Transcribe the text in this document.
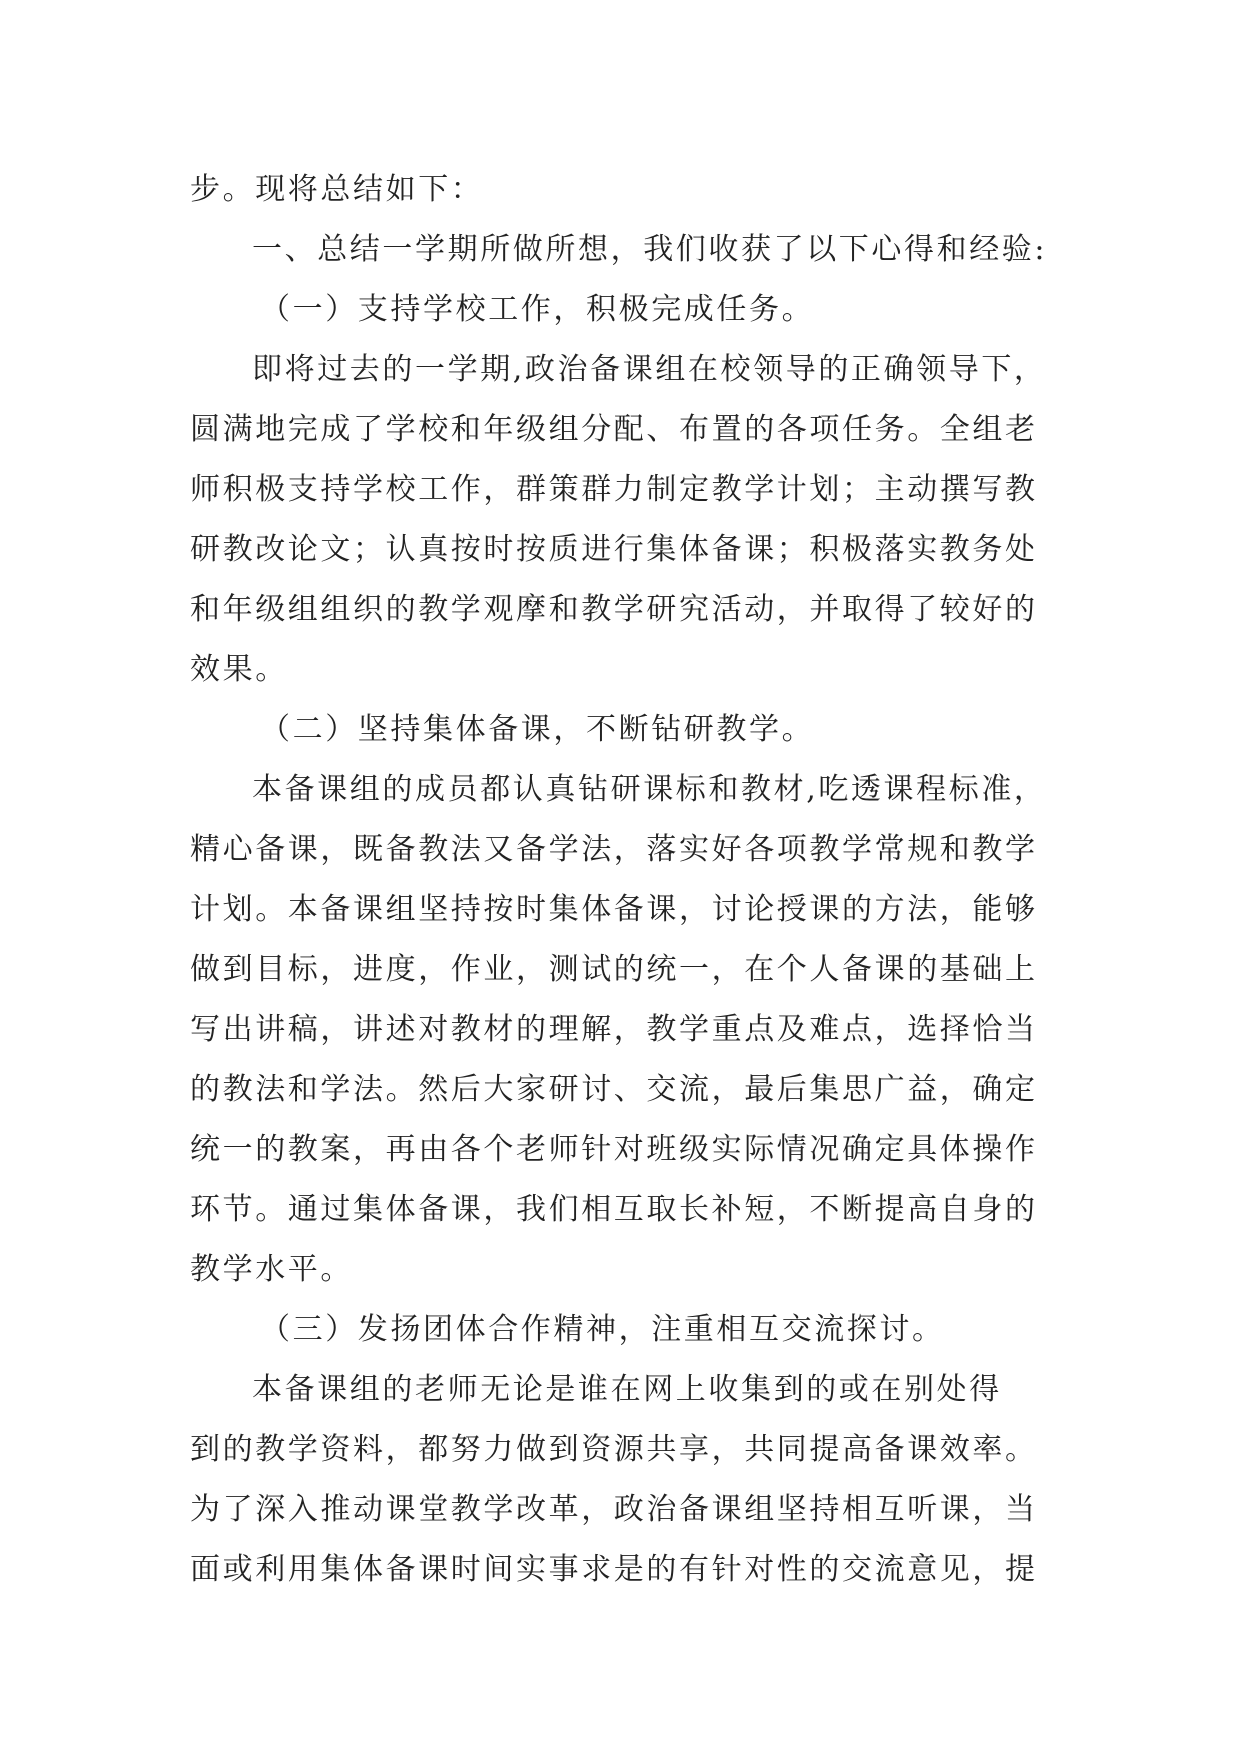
步。现将总结如下：
一、总结一学期所做所想，我们收获了以下心得和经验:
（一）支持学校工作，积极完成任务。
即将过去的一学期,政治备课组在校领导的正确领导下，
圆满地完成了学校和年级组分配、布置的各项任务。全组老
师积极支持学校工作，群策群力制定教学计划；主动撰写教
研教改论文；认真按时按质进行集体备课；积极落实教务处
和年级组组织的教学观摩和教学研究活动，并取得了较好的
效果。
（二）坚持集体备课，不断钻研教学。
本备课组的成员都认真钻研课标和教材,吃透课程标准，
精心备课，既备教法又备学法，落实好各项教学常规和教学
计划。本备课组坚持按时集体备课，讨论授课的方法，能够
做到目标，进度，作业，测试的统一，在个人备课的基础上
写出讲稿，讲述对教材的理解，教学重点及难点，选择恰当
的教法和学法。然后大家研讨、交流，最后集思广益，确定
统一的教案，再由各个老师针对班级实际情况确定具体操作
环节。通过集体备课，我们相互取长补短，不断提高自身的
教学水平。
（三）发扬团体合作精神，注重相互交流探讨。
本备课组的老师无论是谁在网上收集到的或在别处得
到的教学资料，都努力做到资源共享，共同提高备课效率。
为了深入推动课堂教学改革，政治备课组坚持相互听课，当
面或利用集体备课时间实事求是的有针对性的交流意见，提
